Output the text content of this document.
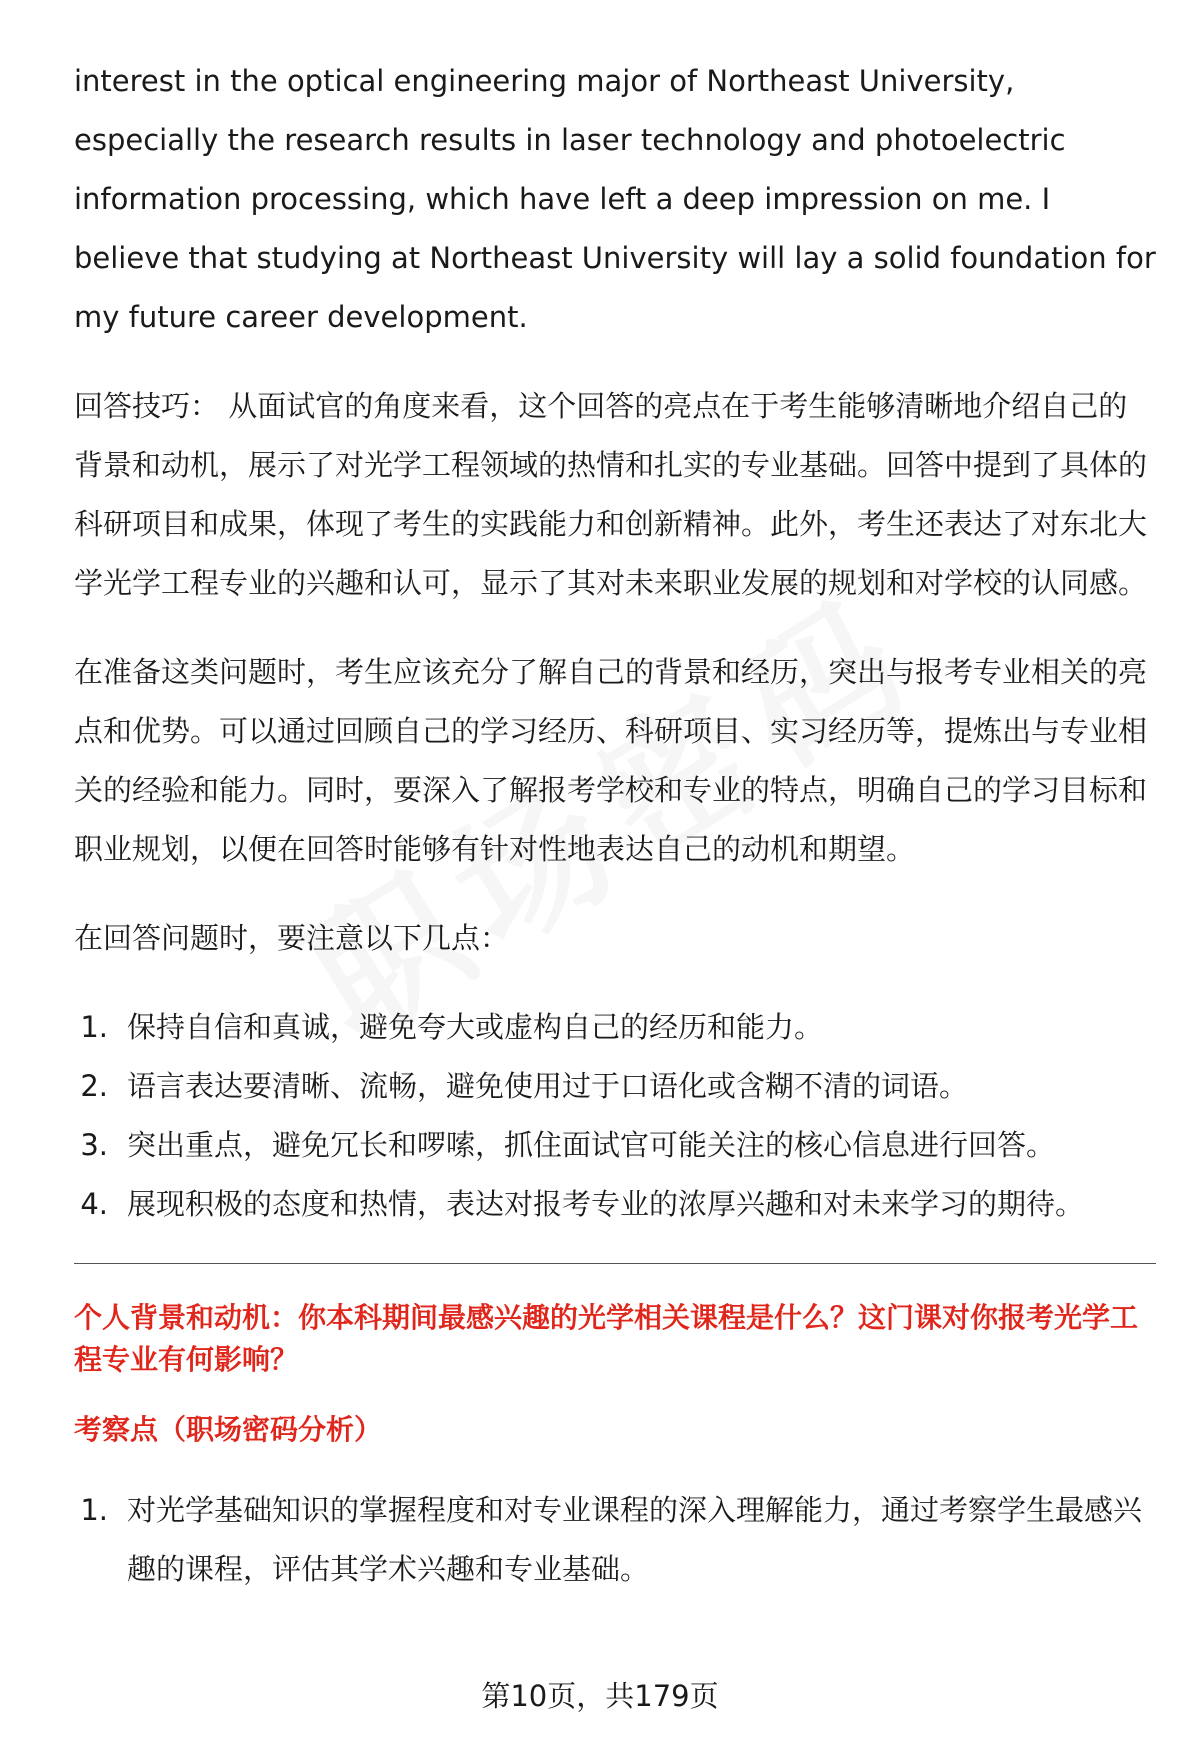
interest in the optical engineering major of Northeast University, especially the research results in laser technology and photoelectric information processing, which have left a deep impression on me. I believe that studying at Northeast University will lay a solid foundation for my future career development.

回答技巧： 从面试官的角度来看，这个回答的亮点在于考生能够清晰地介绍自己的背景和动机，展示了对光学工程领域的热情和扎实的专业基础。回答中提到了具体的科研项目和成果，体现了考生的实践能力和创新精神。此外，考生还表达了对东北大学光学工程专业的兴趣和认可，显示了其对未来职业发展的规划和对学校的认同感。

在准备这类问题时，考生应该充分了解自己的背景和经历，突出与报考专业相关的亮点和优势。可以通过回顾自己的学习经历、科研项目、实习经历等，提炼出与专业相关的经验和能力。同时，要深入了解报考学校和专业的特点，明确自己的学习目标和职业规划，以便在回答时能够有针对性地表达自己的动机和期望。

在回答问题时，要注意以下几点：

1. 保持自信和真诚，避免夸大或虚构自己的经历和能力。
2. 语言表达要清晰、流畅，避免使用过于口语化或含糊不清的词语。
3. 突出重点，避免冗长和啰嗦，抓住面试官可能关注的核心信息进行回答。
4. 展现积极的态度和热情，表达对报考专业的浓厚兴趣和对未来学习的期待。
个人背景和动机：你本科期间最感兴趣的光学相关课程是什么？这门课对你报考光学工程专业有何影响？
考察点（职场密码分析）
1. 对光学基础知识的掌握程度和对专业课程的深入理解能力，通过考察学生最感兴趣的课程，评估其学术兴趣和专业基础。
第10页，共179页
